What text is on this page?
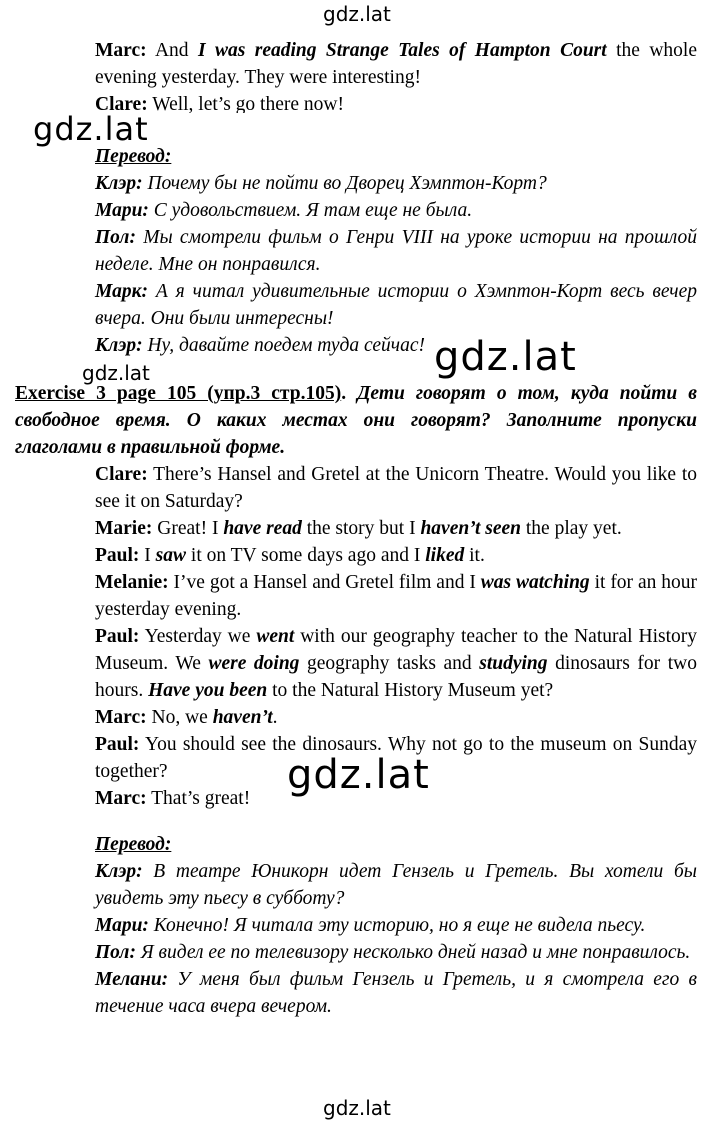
gdz.lat
gdz.lat
gdz.lat
gdz.lat
gdz.lat
gdz.lat

Marc: And I was reading Strange Tales of Hampton Court the whole evening yesterday. They were interesting!

Clare: Well, let’s go there now!

Перевод:

Клэр: Почему бы не пойти во Дворец Хэмптон-Корт?

Мари: С удовольствием. Я там еще не была.

Пол: Мы смотрели фильм о Генри VIII на уроке истории на прошлой неделе. Мне он понравился.

Марк: А я читал удивительные истории о Хэмптон-Корт весь вечер вчера. Они были интересны!

Клэр: Ну, давайте поедем туда сейчас!

Exercise 3 page 105 (упр.3 стр.105). Дети говорят о том, куда пойти в свободное время. О каких местах они говорят? Заполните пропуски глаголами в правильной форме.

Clare: There’s Hansel and Gretel at the Unicorn Theatre. Would you like to see it on Saturday?

Marie: Great! I have read the story but I haven’t seen the play yet.

Paul: I saw it on TV some days ago and I liked it.

Melanie: I’ve got a Hansel and Gretel film and I was watching it for an hour yesterday evening.

Paul: Yesterday we went with our geography teacher to the Natural History Museum. We were doing geography tasks and studying dinosaurs for two hours. Have you been to the Natural History Museum yet?

Marc: No, we haven’t.

Paul: You should see the dinosaurs. Why not go to the museum on Sunday together?

Marc: That’s great!

Перевод:

Клэр: В театре Юникорн идет Гензель и Гретель. Вы хотели бы увидеть эту пьесу в субботу?

Мари: Конечно! Я читала эту историю, но я еще не видела пьесу.

Пол: Я видел ее по телевизору несколько дней назад и мне понравилось.

Мелани: У меня был фильм Гензель и Гретель, и я смотрела его в течение часа вчера вечером.
